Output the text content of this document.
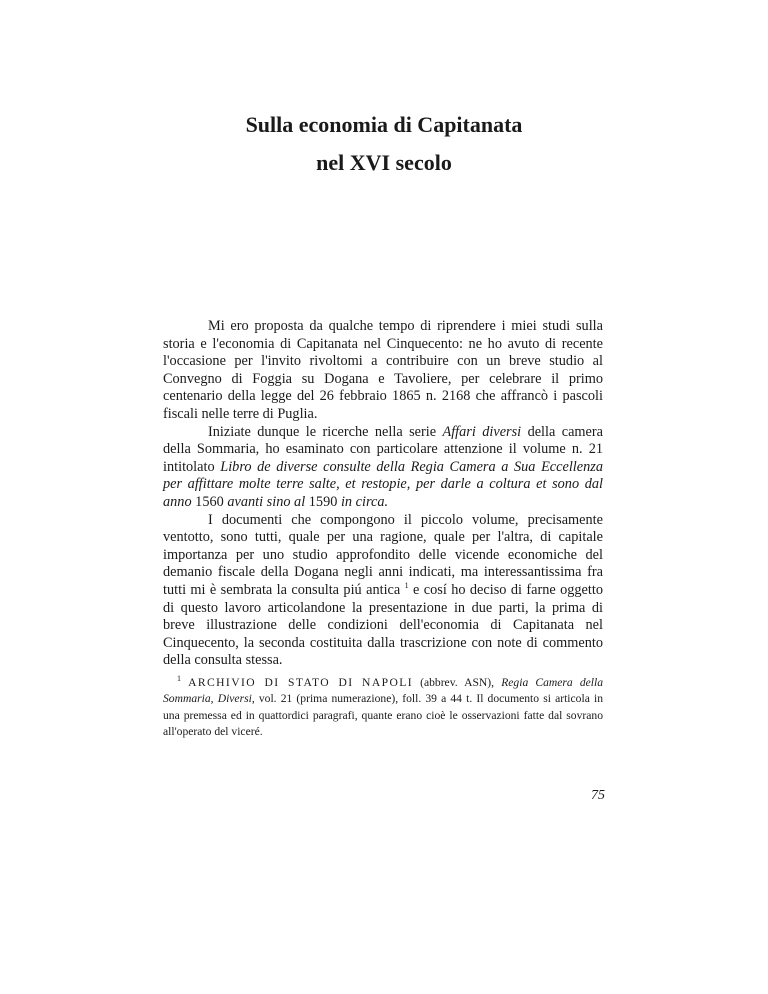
Sulla economia di Capitanata
nel XVI secolo

Mi ero proposta da qualche tempo di riprendere i miei studi sulla storia e l'economia di Capitanata nel Cinquecento: ne ho avuto di recente l'occasione per l'invito rivoltomi a contribuire con un breve studio al Convegno di Foggia su Dogana e Tavoliere, per celebrare il primo centenario della legge del 26 febbraio 1865 n. 2168 che affrancò i pascoli fiscali nelle terre di Puglia.

Iniziate dunque le ricerche nella serie Affari diversi della camera della Sommaria, ho esaminato con particolare attenzione il volume n. 21 intitolato Libro de diverse consulte della Regia Camera a Sua Eccellenza per affittare molte terre salte, et restopie, per darle a coltura et sono dal anno 1560 avanti sino al 1590 in circa.

I documenti che compongono il piccolo volume, precisamente ventotto, sono tutti, quale per una ragione, quale per l'altra, di capitale importanza per uno studio approfondito delle vicende economiche del demanio fiscale della Dogana negli anni indicati, ma interessantissima fra tutti mi è sembrata la consulta piú antica $^1$ e cosí ho deciso di farne oggetto di questo lavoro articolandone la presentazione in due parti, la prima di breve illustrazione delle condizioni dell'economia di Capitanata nel Cinquecento, la seconda costituita dalla trascrizione con note di commento della consulta stessa.

$^1$ ARCHIVIO DI STATO DI NAPOLI (abbrev. ASN), Regia Camera della Sommaria, Diversi, vol. 21 (prima numerazione), foll. 39 a 44 t. Il documento si articola in una premessa ed in quattordici paragrafi, quante erano cioè le osservazioni fatte dal sovrano all'operato del viceré.

75
